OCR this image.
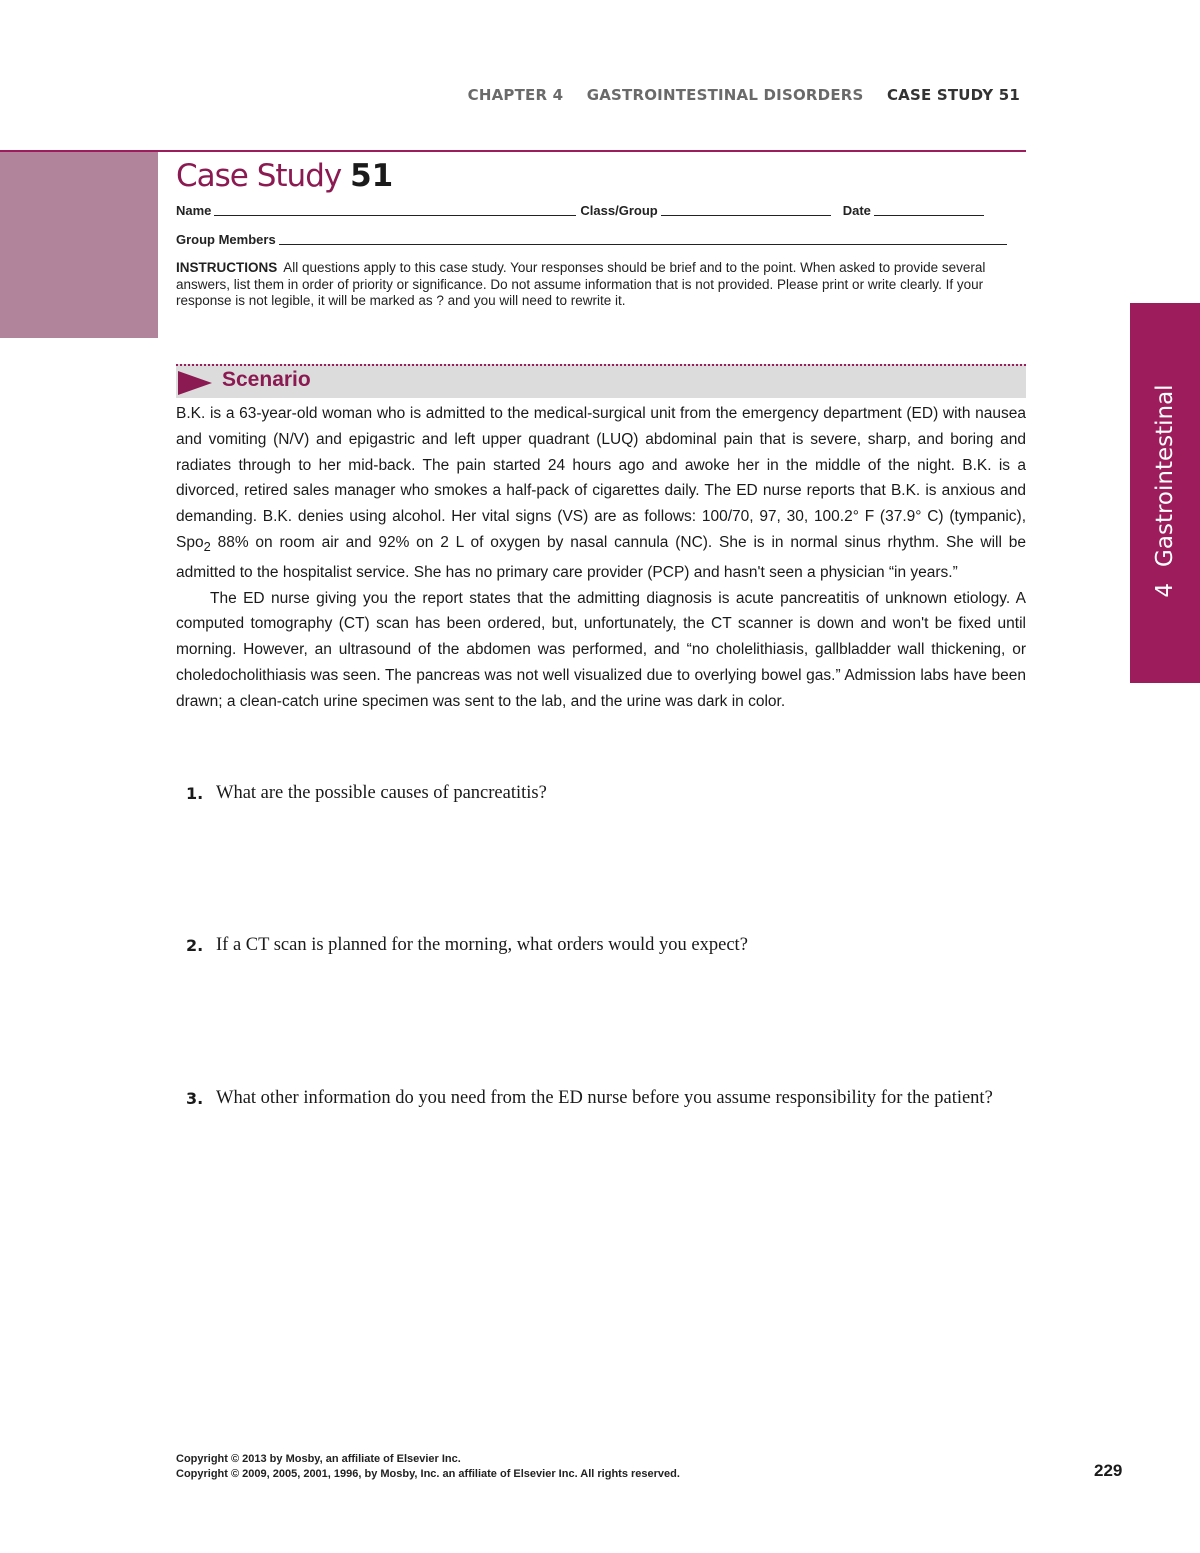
CHAPTER 4 GASTROINTESTINAL DISORDERS CASE STUDY 51
Case Study 51
Name	Class/Group	Date
Group Members

INSTRUCTIONS All questions apply to this case study. Your responses should be brief and to the point. When asked to provide several answers, list them in order of priority or significance. Do not assume information that is not provided. Please print or write clearly. If your response is not legible, it will be marked as ? and you will need to rewrite it.

Scenario

B.K. is a 63-year-old woman who is admitted to the medical-surgical unit from the emergency department (ED) with nausea and vomiting (N/V) and epigastric and left upper quadrant (LUQ) abdominal pain that is severe, sharp, and boring and radiates through to her mid-back. The pain started 24 hours ago and awoke her in the middle of the night. B.K. is a divorced, retired sales manager who smokes a half-pack of cigarettes daily. The ED nurse reports that B.K. is anxious and demanding. B.K. denies using alcohol. Her vital signs (VS) are as follows: 100/70, 97, 30, 100.2° F (37.9° C) (tympanic), Spo$_2$ 88% on room air and 92% on 2 L of oxygen by nasal cannula (NC). She is in normal sinus rhythm. She will be admitted to the hospitalist service. She has no primary care provider (PCP) and hasn't seen a physician “in years.”

The ED nurse giving you the report states that the admitting diagnosis is acute pancreatitis of unknown etiology. A computed tomography (CT) scan has been ordered, but, unfortunately, the CT scanner is down and won't be fixed until morning. However, an ultrasound of the abdomen was performed, and “no cholelithiasis, gallbladder wall thickening, or choledocholithiasis was seen. The pancreas was not well visualized due to overlying bowel gas.” Admission labs have been drawn; a clean-catch urine specimen was sent to the lab, and the urine was dark in color.

1. What are the possible causes of pancreatitis?
2. If a CT scan is planned for the morning, what orders would you expect?
3. What other information do you need from the ED nurse before you assume responsibility for the patient?
4Gastrointestinal
Copyright © 2013 by Mosby, an affiliate of Elsevier Inc.
Copyright © 2009, 2005, 2001, 1996, by Mosby, Inc. an affiliate of Elsevier Inc. All rights reserved.	229
